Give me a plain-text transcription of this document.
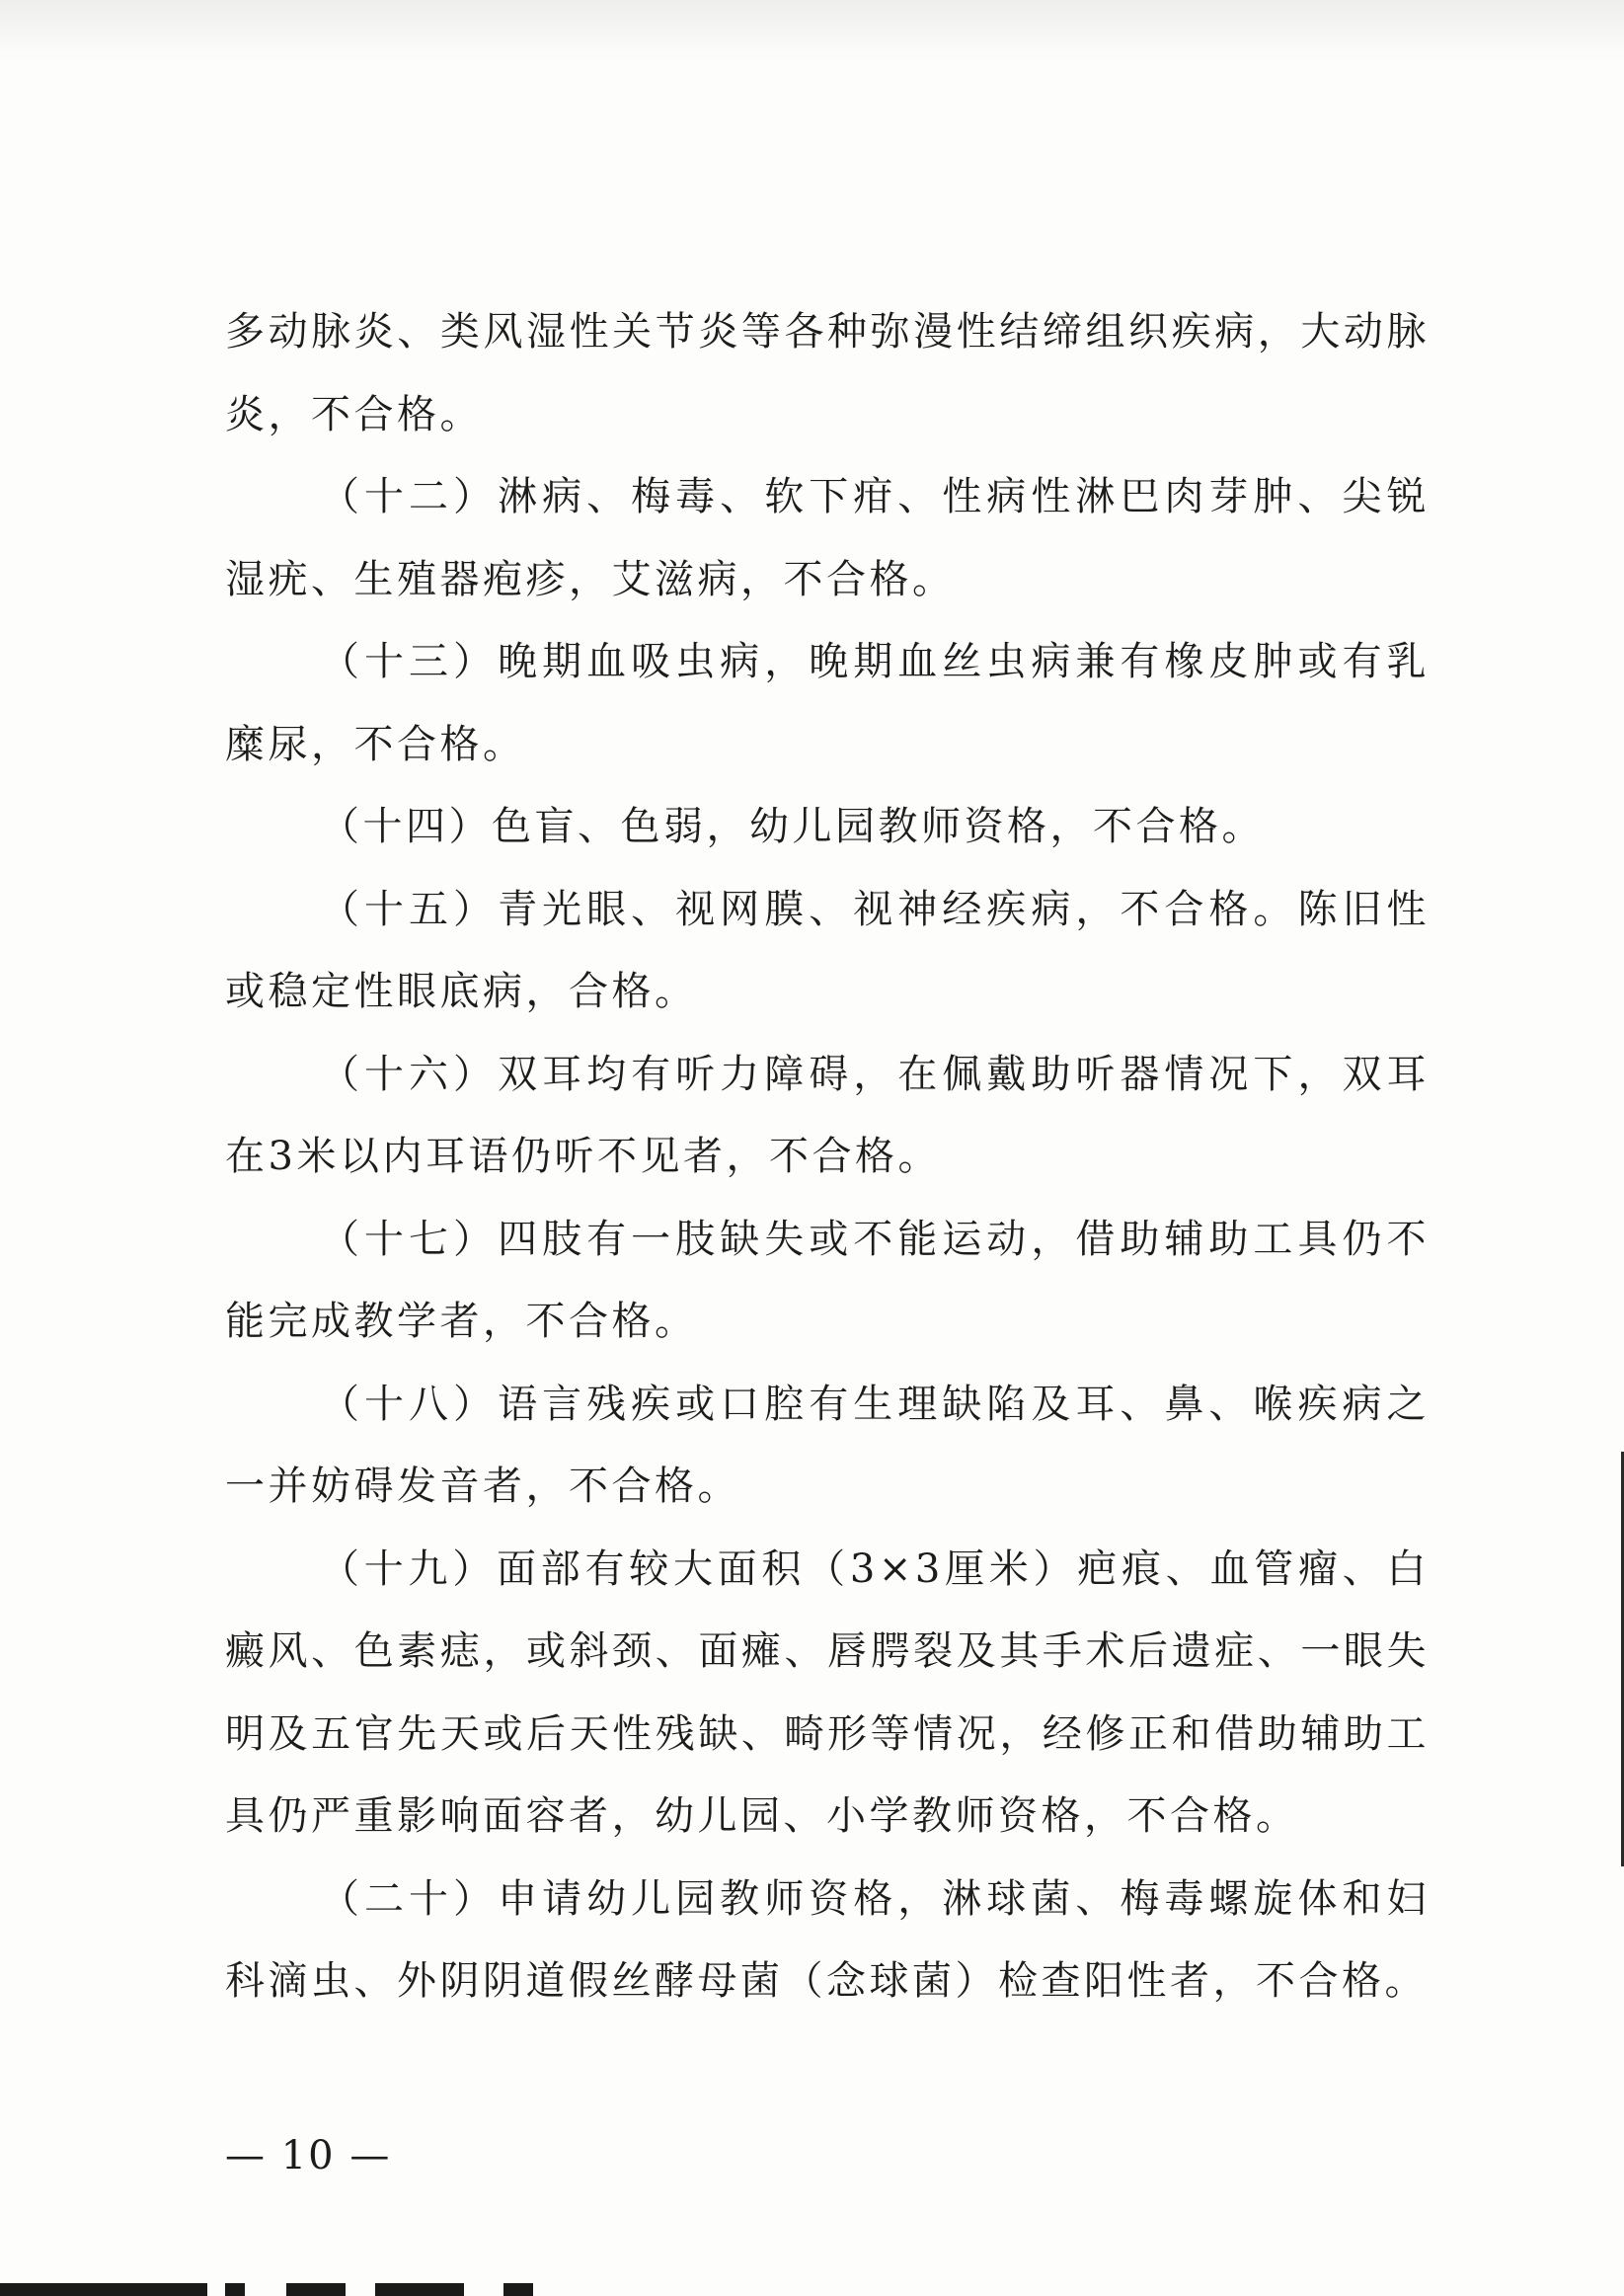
多动脉炎、类风湿性关节炎等各种弥漫性结缔组织疾病，大动脉炎，不合格。

（十二）淋病、梅毒、软下疳、性病性淋巴肉芽肿、尖锐湿疣、生殖器疱疹，艾滋病，不合格。

（十三）晚期血吸虫病，晚期血丝虫病兼有橡皮肿或有乳糜尿，不合格。

（十四）色盲、色弱，幼儿园教师资格，不合格。

（十五）青光眼、视网膜、视神经疾病，不合格。陈旧性或稳定性眼底病，合格。

（十六）双耳均有听力障碍，在佩戴助听器情况下，双耳在3米以内耳语仍听不见者，不合格。

（十七）四肢有一肢缺失或不能运动，借助辅助工具仍不能完成教学者，不合格。

（十八）语言残疾或口腔有生理缺陷及耳、鼻、喉疾病之一并妨碍发音者，不合格。

（十九）面部有较大面积（3×3厘米）疤痕、血管瘤、白癜风、色素痣，或斜颈、面瘫、唇腭裂及其手术后遗症、一眼失明及五官先天或后天性残缺、畸形等情况，经修正和借助辅助工具仍严重影响面容者，幼儿园、小学教师资格，不合格。

（二十）申请幼儿园教师资格，淋球菌、梅毒螺旋体和妇科滴虫、外阴阴道假丝酵母菌（念球菌）检查阳性者，不合格。

— 10 —
